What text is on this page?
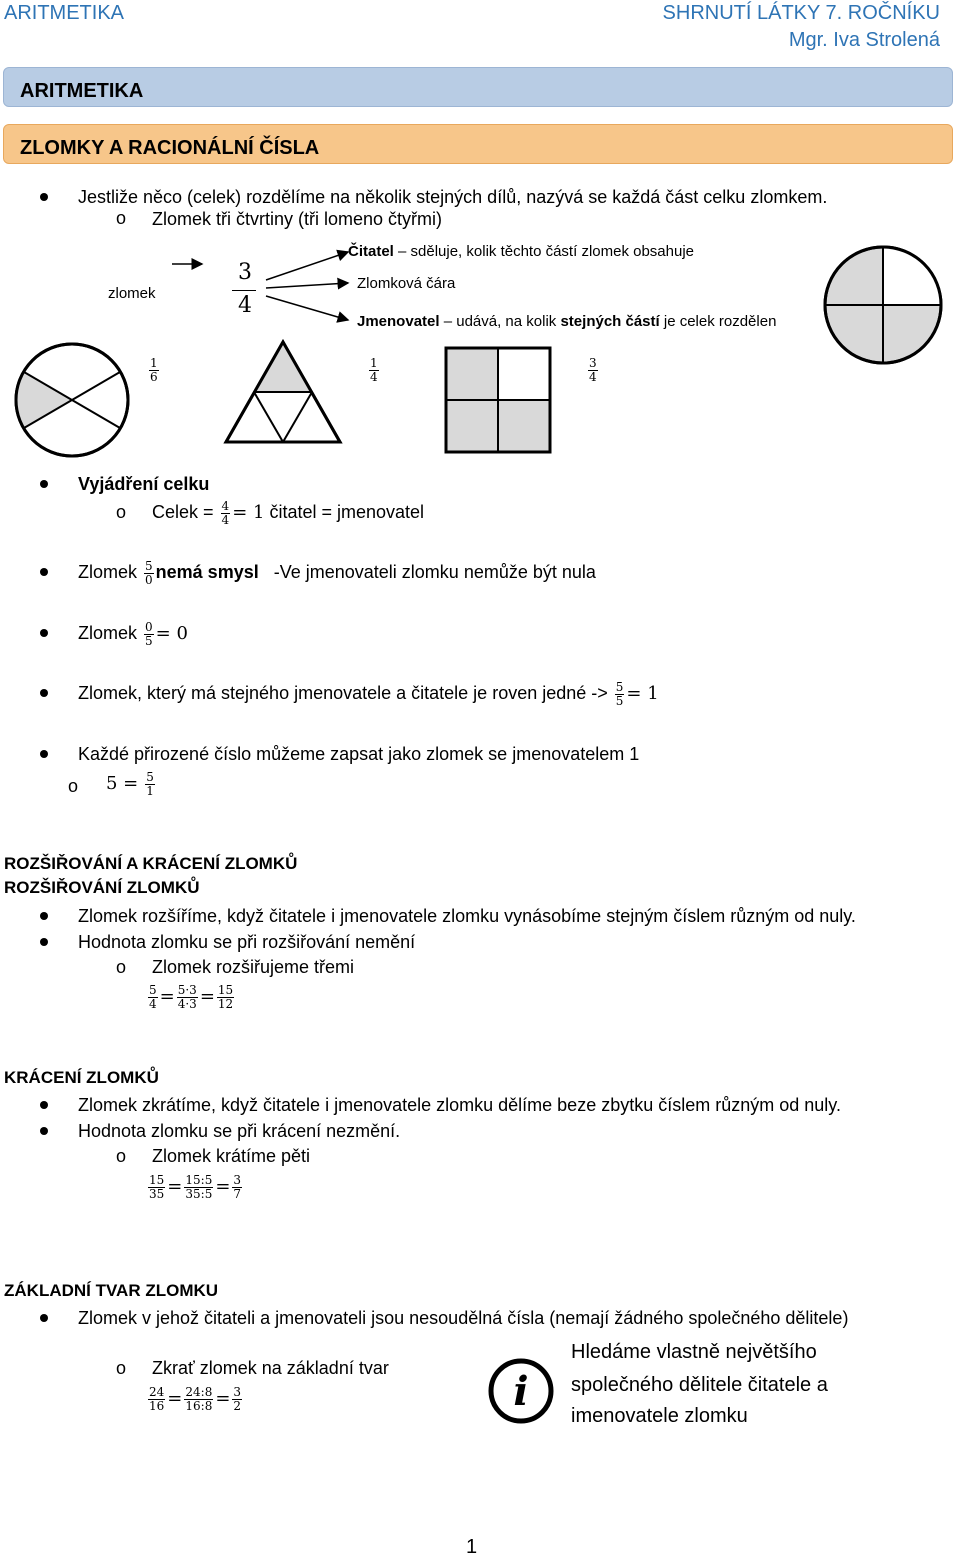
ARITMETIKA	SHRNUTÍ LÁTKY 7. ROČNÍKU
Mgr. Iva Strolená
ARITMETIKA
ZLOMKY A RACIONÁLNÍ ČÍSLA
Jestliže něco (celek) rozdělíme na několik stejných dílů, nazývá se každá část celku zlomkem.
o Zlomek tři čtvrtiny (tři lomeno čtyřmi)
zlomek
3
4
Čitatel – sděluje, kolik těchto částí zlomek obsahuje
Zlomková čára
Jmenovatel – udává, na kolik stejných částí je celek rozdělen
$\frac{1}{6}$	$\frac{1}{4}$	$\frac{3}{4}$
Vyjádření celku
o Celek = $\frac{4}{4} = 1$ čitatel = jmenovatel
Zlomek $\frac{5}{0}$ nemá smysl -Ve jmenovateli zlomku nemůže být nula
Zlomek $\frac{0}{5} = 0$
Zlomek, který má stejného jmenovatele a čitatele je roven jedné -> $\frac{5}{5} = 1$
Každé přirozené číslo můžeme zapsat jako zlomek se jmenovatelem 1
o $5 = \frac{5}{1}$
ROZŠIŘOVÁNÍ A KRÁCENÍ ZLOMKŮ
ROZŠIŘOVÁNÍ ZLOMKŮ
Zlomek rozšíříme, když čitatele i jmenovatele zlomku vynásobíme stejným číslem různým od nuly.
Hodnota zlomku se při rozšiřování nemění
o Zlomek rozšiřujeme třemi
$\frac{5}{4} = \frac{5\cdot 3}{4\cdot 3} = \frac{15}{12}$
KRÁCENÍ ZLOMKŮ
Zlomek zkrátíme, když čitatele i jmenovatele zlomku dělíme beze zbytku číslem různým od nuly.
Hodnota zlomku se při krácení nezmění.
o Zlomek krátíme pěti
$\frac{15}{35} = \frac{15:5}{35:5} = \frac{3}{7}$
ZÁKLADNÍ TVAR ZLOMKU
Zlomek v jehož čitateli a jmenovateli jsou nesoudělná čísla (nemají žádného společného dělitele)
o Zkrať zlomek na základní tvar
$\frac{24}{16} = \frac{24:8}{16:8} = \frac{3}{2}$	i
Hledáme vlastně největšího
společného dělitele čitatele a
imenovatele zlomku
1
